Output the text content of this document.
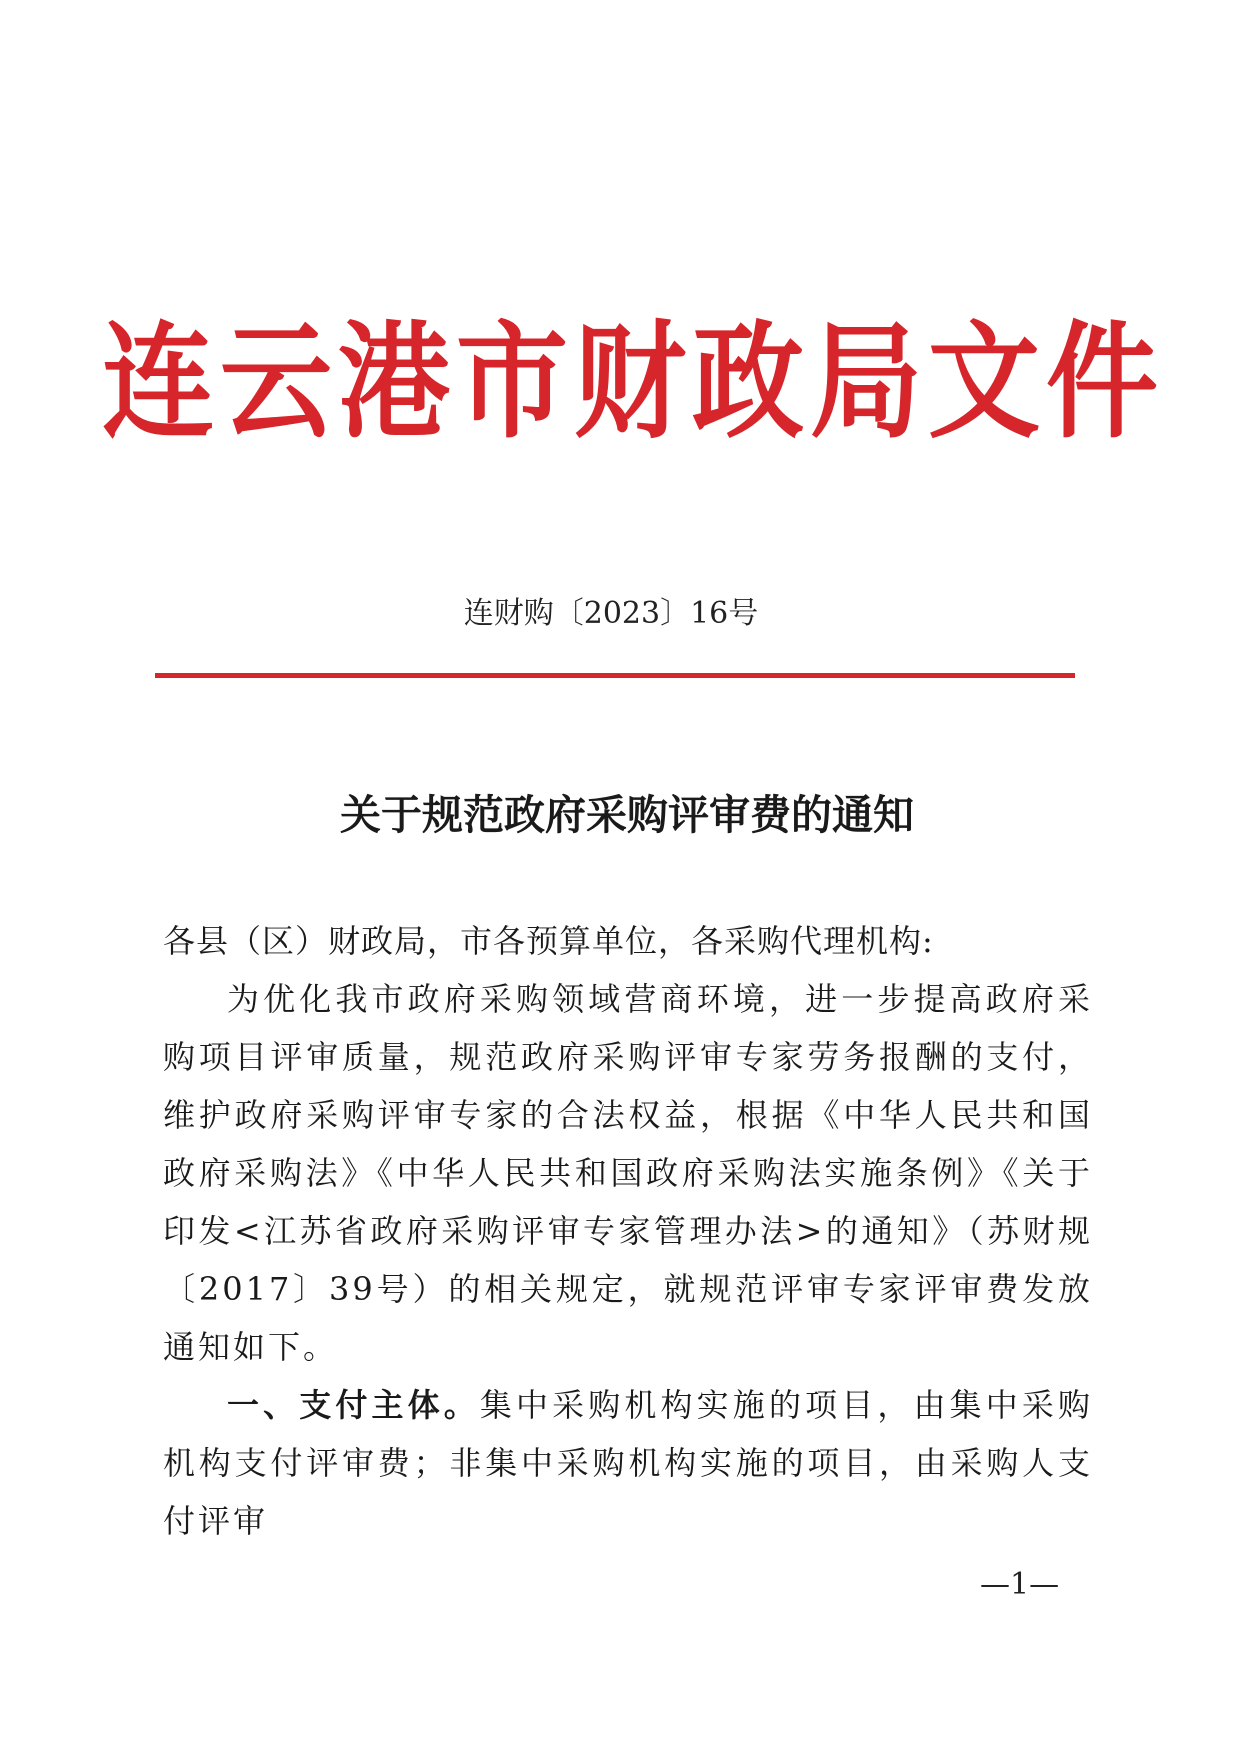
连云港市财政局文件
连财购〔2023〕16号
关于规范政府采购评审费的通知

各县（区）财政局，市各预算单位，各采购代理机构:

为优化我市政府采购领域营商环境，进一步提高政府采购项目评审质量，规范政府采购评审专家劳务报酬的支付，维护政府采购评审专家的合法权益，根据《中华人民共和国政府采购法》《中华人民共和国政府采购法实施条例》《关于印发<江苏省政府采购评审专家管理办法>的通知》（苏财规〔2017〕39号）的相关规定，就规范评审专家评审费发放通知如下。

一、支付主体。集中采购机构实施的项目，由集中采购机构支付评审费；非集中采购机构实施的项目，由采购人支付评审

—1—
